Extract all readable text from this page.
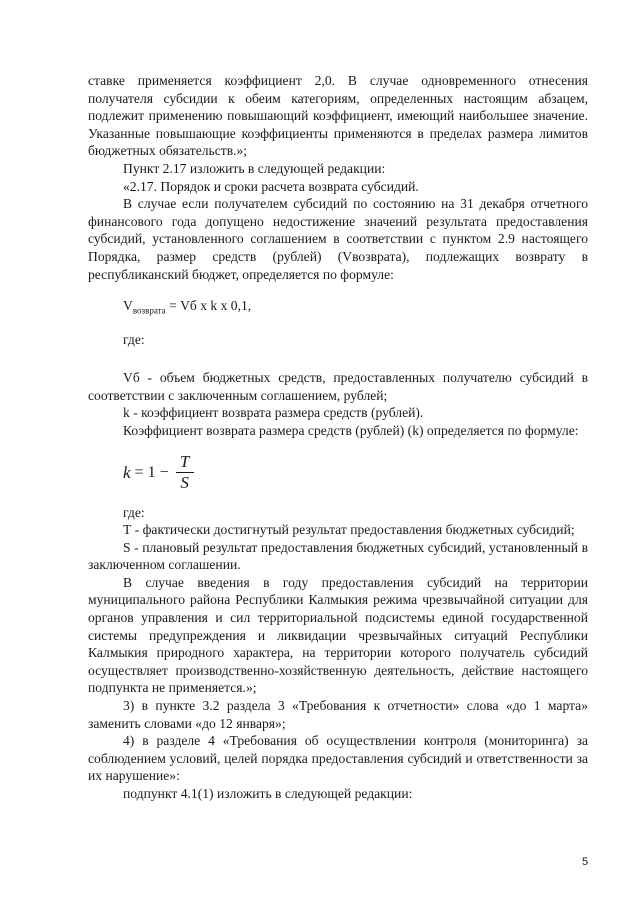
ставке применяется коэффициент 2,0. В случае одновременного отнесения получателя субсидии к обеим категориям, определенных настоящим абзацем, подлежит применению повышающий коэффициент, имеющий наибольшее значение. Указанные повышающие коэффициенты применяются в пределах размера лимитов бюджетных обязательств.»;

Пункт 2.17 изложить в следующей редакции:

«2.17. Порядок и сроки расчета возврата субсидий.

В случае если получателем субсидий по состоянию на 31 декабря отчетного финансового года допущено недостижение значений результата предоставления субсидий, установленного соглашением в соответствии с пунктом 2.9 настоящего Порядка, размер средств (рублей) (Vвозврата), подлежащих возврату в республиканский бюджет, определяется по формуле:

$V_{возврата}$ = Vб x k x 0,1,
где:

Vб - объем бюджетных средств, предоставленных получателю субсидий в соответствии с заключенным соглашением, рублей;

k - коэффициент возврата размера средств (рублей).

Коэффициент возврата размера средств (рублей) (k) определяется по формуле:

$k = 1 - \frac{T}{S}$
где:

Т - фактически достигнутый результат предоставления бюджетных субсидий;

S - плановый результат предоставления бюджетных субсидий, установленный в заключенном соглашении.

В случае введения в году предоставления субсидий на территории муниципального района Республики Калмыкия режима чрезвычайной ситуации для органов управления и сил территориальной подсистемы единой государственной системы предупреждения и ликвидации чрезвычайных ситуаций Республики Калмыкия природного характера, на территории которого получатель субсидий осуществляет производственно-хозяйственную деятельность, действие настоящего подпункта не применяется.»;

3) в пункте 3.2 раздела 3 «Требования к отчетности» слова «до 1 марта» заменить словами «до 12 января»;

4) в разделе 4 «Требования об осуществлении контроля (мониторинга) за соблюдением условий, целей порядка предоставления субсидий и ответственности за их нарушение»:

подпункт 4.1(1) изложить в следующей редакции:

5
